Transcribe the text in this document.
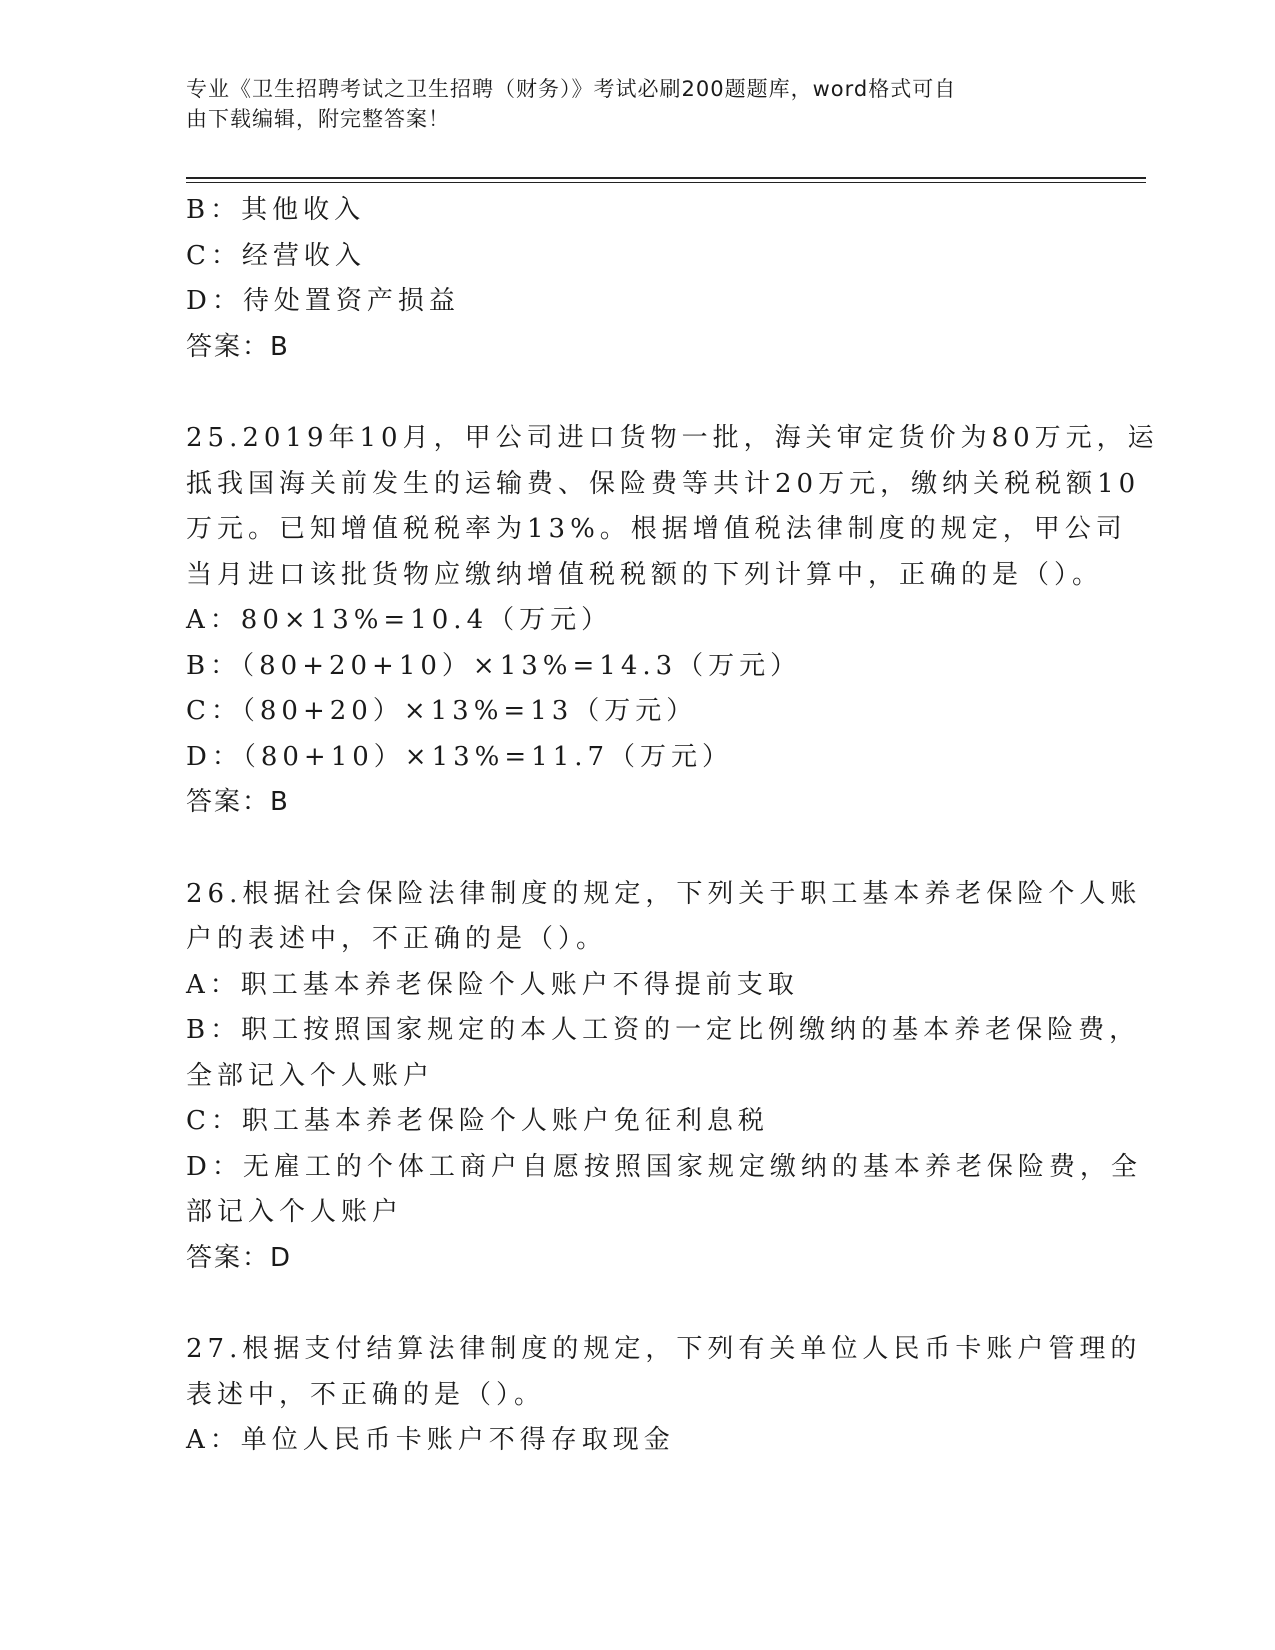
专业《卫生招聘考试之卫生招聘（财务）》考试必刷200题题库，word格式可自
由下载编辑，附完整答案！
B：其他收入
C：经营收入
D：待处置资产损益
答案：B
25.2019年10月，甲公司进口货物一批，海关审定货价为80万元，运
抵我国海关前发生的运输费、保险费等共计20万元，缴纳关税税额10
万元。已知增值税税率为13%。根据增值税法律制度的规定，甲公司
当月进口该批货物应缴纳增值税税额的下列计算中，正确的是（）。
A：80×13%=10.4（万元）
B：（80+20+10）×13%=14.3（万元）
C：（80+20）×13%=13（万元）
D：（80+10）×13%=11.7（万元）
答案：B
26.根据社会保险法律制度的规定，下列关于职工基本养老保险个人账
户的表述中，不正确的是（）。
A：职工基本养老保险个人账户不得提前支取
B：职工按照国家规定的本人工资的一定比例缴纳的基本养老保险费，
全部记入个人账户
C：职工基本养老保险个人账户免征利息税
D：无雇工的个体工商户自愿按照国家规定缴纳的基本养老保险费，全
部记入个人账户
答案：D
27.根据支付结算法律制度的规定，下列有关单位人民币卡账户管理的
表述中，不正确的是（）。
A：单位人民币卡账户不得存取现金
